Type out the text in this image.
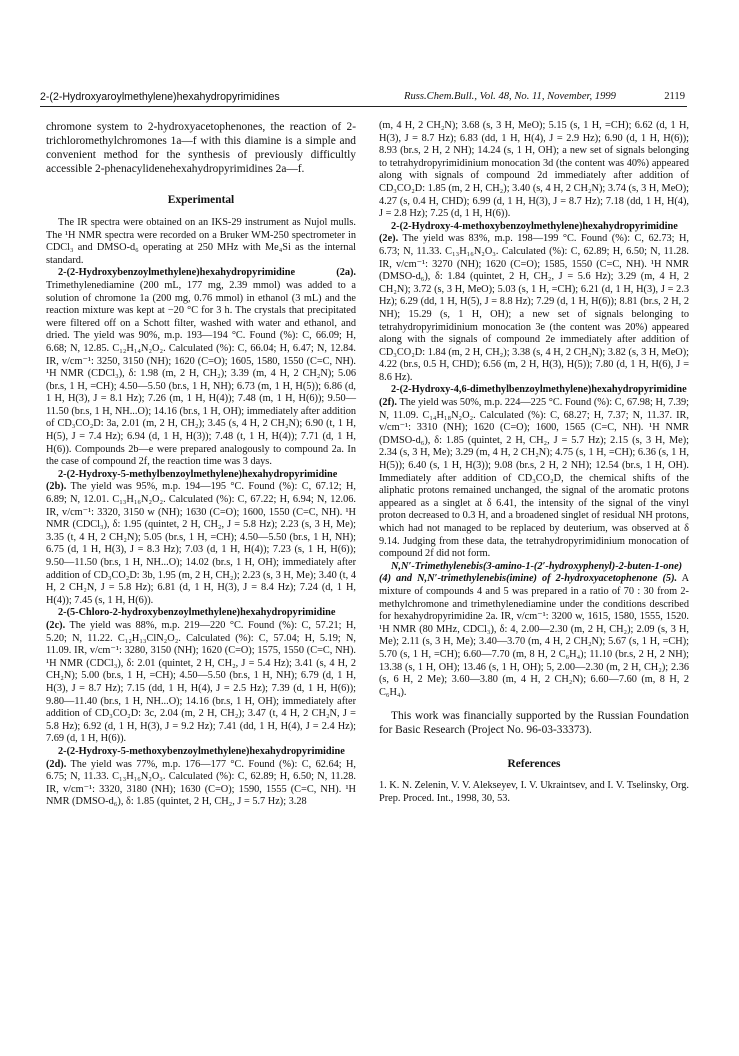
2-(2-Hydroxyaroylmethylene)hexahydropyrimidines	Russ.Chem.Bull., Vol. 48, No. 11, November, 1999	2119

chromone system to 2-hydroxyacetophenones, the reaction of 2-trichloromethylchromones 1a—f with this diamine is a simple and convenient method for the synthesis of previously difficultly accessible 2-phenacylidenehexahydropyrimidines 2a—f.

Experimental

The IR spectra were obtained on an IKS-29 instrument as Nujol mulls. The ¹H NMR spectra were recorded on a Bruker WM-250 spectrometer in CDCl₃ and DMSO-d₆ operating at 250 MHz with Me₄Si as the internal standard.

2-(2-Hydroxybenzoylmethylene)hexahydropyrimidine (2a). Trimethylenediamine (200 mL, 177 mg, 2.39 mmol) was added to a solution of chromone 1a (200 mg, 0.76 mmol) in ethanol (3 mL) and the reaction mixture was kept at −20 °C for 3 h. The crystals that precipitated were filtered off on a Schott filter, washed with water and ethanol, and dried. The yield was 90%, m.p. 193—194 °C. Found (%): C, 66.09; H, 6.68; N, 12.85. C₁₂H₁₄N₂O₂. Calculated (%): C, 66.04; H, 6.47; N, 12.84. IR, v/cm⁻¹: 3250, 3150 (NH); 1620 (C=O); 1605, 1580, 1550 (C=C, NH). ¹H NMR (CDCl₃), δ: 1.98 (m, 2 H, CH₂); 3.39 (m, 4 H, 2 CH₂N); 5.06 (br.s, 1 H, =CH); 4.50—5.50 (br.s, 1 H, NH); 6.73 (m, 1 H, H(5)); 6.86 (d, 1 H, H(3), J = 8.1 Hz); 7.26 (m, 1 H, H(4)); 7.48 (m, 1 H, H(6)); 9.50—11.50 (br.s, 1 H, NH...O); 14.16 (br.s, 1 H, OH); immediately after addition of CD₃CO₂D: 3a, 2.01 (m, 2 H, CH₂); 3.45 (s, 4 H, 2 CH₂N); 6.90 (t, 1 H, H(5), J = 7.4 Hz); 6.94 (d, 1 H, H(3)); 7.48 (t, 1 H, H(4)); 7.71 (d, 1 H, H(6)). Compounds 2b—e were prepared analogously to compound 2a. In the case of compound 2f, the reaction time was 3 days.

2-(2-Hydroxy-5-methylbenzoylmethylene)hexahydropyrimidine (2b). The yield was 95%, m.p. 194—195 °C. Found (%): C, 67.12; H, 6.89; N, 12.01. C₁₃H₁₆N₂O₂. Calculated (%): C, 67.22; H, 6.94; N, 12.06. IR, v/cm⁻¹: 3320, 3150 w (NH); 1630 (C=O); 1600, 1550 (C=C, NH). ¹H NMR (CDCl₃), δ: 1.95 (quintet, 2 H, CH₂, J = 5.8 Hz); 2.23 (s, 3 H, Me); 3.35 (t, 4 H, 2 CH₂N); 5.05 (br.s, 1 H, =CH); 4.50—5.50 (br.s, 1 H, NH); 6.75 (d, 1 H, H(3), J = 8.3 Hz); 7.03 (d, 1 H, H(4)); 7.23 (s, 1 H, H(6)); 9.50—11.50 (br.s, 1 H, NH...O); 14.02 (br.s, 1 H, OH); immediately after addition of CD₃CO₂D: 3b, 1.95 (m, 2 H, CH₂); 2.23 (s, 3 H, Me); 3.40 (t, 4 H, 2 CH₂N, J = 5.8 Hz); 6.81 (d, 1 H, H(3), J = 8.4 Hz); 7.24 (d, 1 H, H(4)); 7.45 (s, 1 H, H(6)).

2-(5-Chloro-2-hydroxybenzoylmethylene)hexahydropyrimidine (2c). The yield was 88%, m.p. 219—220 °C. Found (%): C, 57.21; H, 5.20; N, 11.22. C₁₂H₁₃ClN₂O₂. Calculated (%): C, 57.04; H, 5.19; N, 11.09. IR, v/cm⁻¹: 3280, 3150 (NH); 1620 (C=O); 1575, 1550 (C=C, NH). ¹H NMR (CDCl₃), δ: 2.01 (quintet, 2 H, CH₂, J = 5.4 Hz); 3.41 (s, 4 H, 2 CH₂N); 5.00 (br.s, 1 H, =CH); 4.50—5.50 (br.s, 1 H, NH); 6.79 (d, 1 H, H(3), J = 8.7 Hz); 7.15 (dd, 1 H, H(4), J = 2.5 Hz); 7.39 (d, 1 H, H(6)); 9.80—11.40 (br.s, 1 H, NH...O); 14.16 (br.s, 1 H, OH); immediately after addition of CD₃CO₂D: 3c, 2.04 (m, 2 H, CH₂); 3.47 (t, 4 H, 2 CH₂N, J = 5.8 Hz); 6.92 (d, 1 H, H(3), J = 9.2 Hz); 7.41 (dd, 1 H, H(4), J = 2.4 Hz); 7.69 (d, 1 H, H(6)).

2-(2-Hydroxy-5-methoxybenzoylmethylene)hexahydropyrimidine (2d). The yield was 77%, m.p. 176—177 °C. Found (%): C, 62.64; H, 6.75; N, 11.33. C₁₃H₁₆N₂O₃. Calculated (%): C, 62.89; H, 6.50; N, 11.28. IR, v/cm⁻¹: 3320, 3180 (NH); 1630 (C=O); 1590, 1555 (C=C, NH). ¹H NMR (DMSO-d₆), δ: 1.85 (quintet, 2 H, CH₂, J = 5.7 Hz); 3.28

(m, 4 H, 2 CH₂N); 3.68 (s, 3 H, MeO); 5.15 (s, 1 H, =CH); 6.62 (d, 1 H, H(3), J = 8.7 Hz); 6.83 (dd, 1 H, H(4), J = 2.9 Hz); 6.90 (d, 1 H, H(6)); 8.93 (br.s, 2 H, 2 NH); 14.24 (s, 1 H, OH); a new set of signals belonging to tetrahydropyrimidinium monocation 3d (the content was 40%) appeared along with signals of compound 2d immediately after addition of CD₃CO₂D: 1.85 (m, 2 H, CH₂); 3.40 (s, 4 H, 2 CH₂N); 3.74 (s, 3 H, MeO); 4.27 (s, 0.4 H, CHD); 6.99 (d, 1 H, H(3), J = 8.7 Hz); 7.18 (dd, 1 H, H(4), J = 2.8 Hz); 7.25 (d, 1 H, H(6)).

2-(2-Hydroxy-4-methoxybenzoylmethylene)hexahydropyrimidine (2e). The yield was 83%, m.p. 198—199 °C. Found (%): C, 62.73; H, 6.73; N, 11.33. C₁₃H₁₆N₂O₃. Calculated (%): C, 62.89; H, 6.50; N, 11.28. IR, v/cm⁻¹: 3270 (NH); 1620 (C=O); 1585, 1550 (C=C, NH). ¹H NMR (DMSO-d₆), δ: 1.84 (quintet, 2 H, CH₂, J = 5.6 Hz); 3.29 (m, 4 H, 2 CH₂N); 3.72 (s, 3 H, MeO); 5.03 (s, 1 H, =CH); 6.21 (d, 1 H, H(3), J = 2.3 Hz); 6.29 (dd, 1 H, H(5), J = 8.8 Hz); 7.29 (d, 1 H, H(6)); 8.81 (br.s, 2 H, 2 NH); 15.29 (s, 1 H, OH); a new set of signals belonging to tetrahydropyrimidinium monocation 3e (the content was 20%) appeared along with the signals of compound 2e immediately after addition of CD₃CO₂D: 1.84 (m, 2 H, CH₂); 3.38 (s, 4 H, 2 CH₂N); 3.82 (s, 3 H, MeO); 4.22 (br.s, 0.5 H, CHD); 6.56 (m, 2 H, H(3), H(5)); 7.80 (d, 1 H, H(6), J = 8.6 Hz).

2-(2-Hydroxy-4,6-dimethylbenzoylmethylene)hexahydropyrimidine (2f). The yield was 50%, m.p. 224—225 °C. Found (%): C, 67.98; H, 7.39; N, 11.09. C₁₄H₁₈N₂O₂. Calculated (%): C, 68.27; H, 7.37; N, 11.37. IR, v/cm⁻¹: 3310 (NH); 1620 (C=O); 1600, 1565 (C=C, NH). ¹H NMR (DMSO-d₆), δ: 1.85 (quintet, 2 H, CH₂, J = 5.7 Hz); 2.15 (s, 3 H, Me); 2.34 (s, 3 H, Me); 3.29 (m, 4 H, 2 CH₂N); 4.75 (s, 1 H, =CH); 6.36 (s, 1 H, H(5)); 6.40 (s, 1 H, H(3)); 9.08 (br.s, 2 H, 2 NH); 12.54 (br.s, 1 H, OH). Immediately after addition of CD₃CO₂D, the chemical shifts of the aliphatic protons remained unchanged, the signal of the aromatic protons appeared as a singlet at δ 6.41, the intensity of the signal of the vinyl proton decreased to 0.3 H, and a broadened singlet of residual NH protons, which had not managed to be replaced by deuterium, was observed at δ 9.14. Judging from these data, the tetrahydropyrimidinium monocation of compound 2f did not form.

N,N′-Trimethylenebis(3-amino-1-(2′-hydroxyphenyl)-2-buten-1-one) (4) and N,N′-trimethylenebis(imine) of 2-hydroxyacetophenone (5). A mixture of compounds 4 and 5 was prepared in a ratio of 70 : 30 from 2-methylchromone and trimethylenediamine under the conditions described for hexahydropyrimidine 2a. IR, v/cm⁻¹: 3200 w, 1615, 1580, 1555, 1520. ¹H NMR (80 MHz, CDCl₃), δ: 4, 2.00—2.30 (m, 2 H, CH₂); 2.09 (s, 3 H, Me); 2.11 (s, 3 H, Me); 3.40—3.70 (m, 4 H, 2 CH₂N); 5.67 (s, 1 H, =CH); 5.70 (s, 1 H, =CH); 6.60—7.70 (m, 8 H, 2 C₆H₄); 11.10 (br.s, 2 H, 2 NH); 13.38 (s, 1 H, OH); 13.46 (s, 1 H, OH); 5, 2.00—2.30 (m, 2 H, CH₂); 2.36 (s, 6 H, 2 Me); 3.60—3.80 (m, 4 H, 2 CH₂N); 6.60—7.60 (m, 8 H, 2 C₆H₄).

This work was financially supported by the Russian Foundation for Basic Research (Project No. 96-03-33373).

References

1. K. N. Zelenin, V. V. Alekseyev, I. V. Ukraintsev, and I. V. Tselinsky, Org. Prep. Proced. Int., 1998, 30, 53.
